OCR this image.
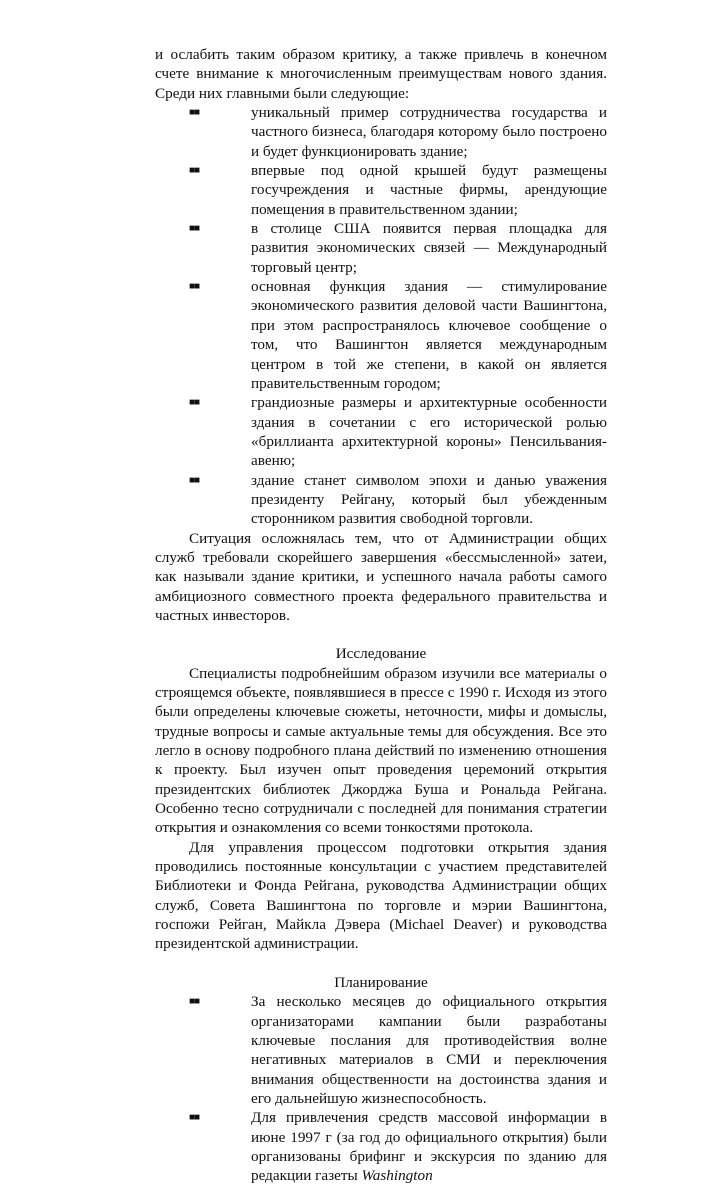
и ослабить таким образом критику, а также привлечь в конечном счете внимание к многочисленным преимуществам нового здания. Среди них главными были следующие:

■■	уникальный пример сотрудничества государства и частного бизнеса, благодаря которому было построено и будет функционировать здание;
■■	впервые под одной крышей будут размещены госучреждения и частные фирмы, арендующие помещения в правительственном здании;
■■	в столице США появится первая площадка для развития экономических связей — Международный торговый центр;
■■	основная функция здания — стимулирование экономического развития деловой части Вашингтона, при этом распространялось ключевое сообщение о том, что Вашингтон является международным центром в той же степени, в какой он является правительственным городом;
■■	грандиозные размеры и архитектурные особенности здания в сочетании с его исторической ролью «бриллианта архитектурной короны» Пенсильвания-авеню;
■■	здание станет символом эпохи и данью уважения президенту Рейгану, который был убежденным сторонником развития свободной торговли.

Ситуация осложнялась тем, что от Администрации общих служб требовали скорейшего завершения «бессмысленной» затеи, как называли здание критики, и успешного начала работы самого амбициозного совместного проекта федерального правительства и частных инвесторов.

Исследование

Специалисты подробнейшим образом изучили все материалы о строящемся объекте, появлявшиеся в прессе с 1990 г. Исходя из этого были определены ключевые сюжеты, неточности, мифы и домыслы, трудные вопросы и самые актуальные темы для обсуждения. Все это легло в основу подробного плана действий по изменению отношения к проекту. Был изучен опыт проведения церемоний открытия президентских библиотек Джорджа Буша и Рональда Рейгана. Особенно тесно сотрудничали с последней для понимания стратегии открытия и ознакомления со всеми тонкостями протокола.

Для управления процессом подготовки открытия здания проводились постоянные консультации с участием представителей Библиотеки и Фонда Рейгана, руководства Администрации общих служб, Совета Вашингтона по торговле и мэрии Вашингтона, госпожи Рейган, Майкла Дэвера (Michael Deaver) и руководства президентской администрации.

Планирование

■■	За несколько месяцев до официального открытия организаторами кампании были разработаны ключевые послания для противодействия волне негативных материалов в СМИ и переключения внимания общественности на достоинства здания и его дальнейшую жизнеспособность.
■■	Для привлечения средств массовой информации в июне 1997 г (за год до официального открытия) были организованы брифинг и экскурсия по зданию для редакции газеты Washington
